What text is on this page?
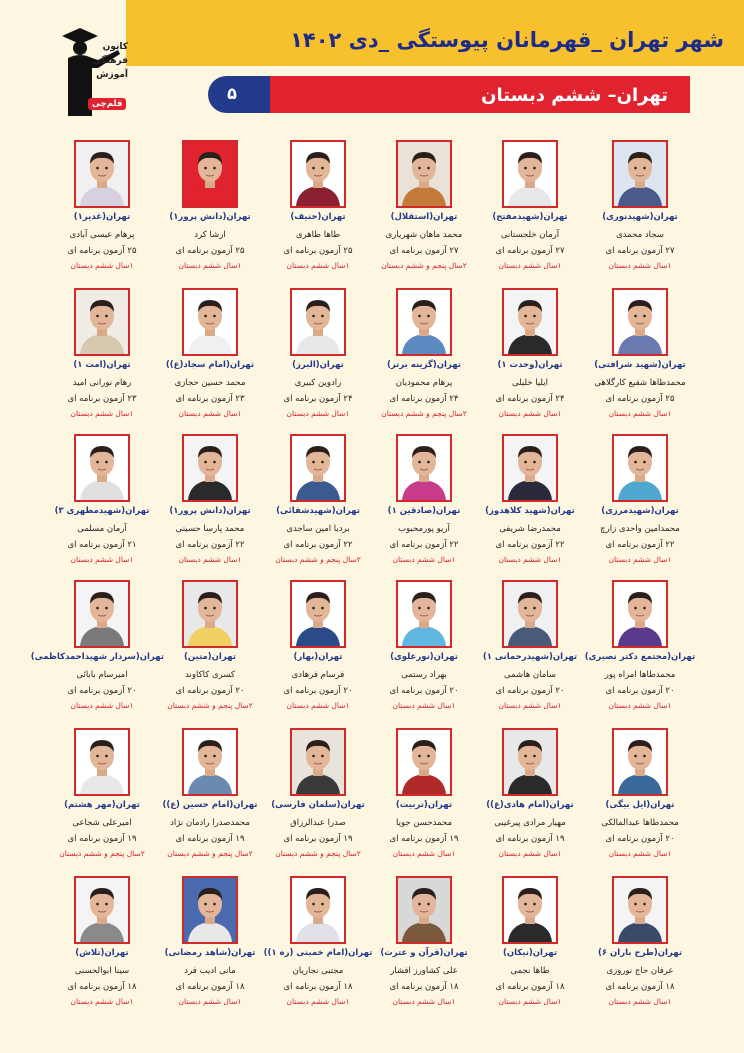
شهر تهران _قهرمانان پیوستگی _دی ۱۴۰۲
۵	تهران– ششم دبستان
کانون
فرهنگی
آموزش
قلم‌چی
تهران(شهیدنوری)
سجاد محمدی
۲۷ آزمون برنامه ای
۱سال ششم دبستان
تهران(شهیدمفتح)
آرمان خلجستانی
۲۷ آزمون برنامه ای
۱سال ششم دبستان
تهران(استقلال)
محمد ماهان شهریاری
۲۷ آزمون برنامه ای
۲سال پنجم و ششم دبستان
تهران(حنیف)
طاها طاهری
۲۵ آزمون برنامه ای
۱سال ششم دبستان
تهران(دانش پرور۱)
ارشا کرد
۲۵ آزمون برنامه ای
۱سال ششم دبستان
تهران(غدیر۱)
پرهام عیسی آبادی
۲۵ آزمون برنامه ای
۱سال ششم دبستان
تهران(شهید شرافتی)
محمدطاها شفیع کارگلاهی
۲۵ آزمون برنامه ای
۱سال ششم دبستان
تهران(وحدت ۱)
ایلیا خلیلی
۲۴ آزمون برنامه ای
۱سال ششم دبستان
تهران(گزینه برتر)
پرهام محمودیان
۲۴ آزمون برنامه ای
۲سال پنجم و ششم دبستان
تهران(البرز)
رادوین کبیری
۲۴ آزمون برنامه ای
۱سال ششم دبستان
تهران(امام سجاد(ع))
محمد حسین حجازی
۲۳ آزمون برنامه ای
۱سال ششم دبستان
تهران(امت ۱)
رهام نورانی امید
۲۳ آزمون برنامه ای
۱سال ششم دبستان
تهران(شهیدمرزی)
محمدامین واحدی زارچ
۲۲ آزمون برنامه ای
۱سال ششم دبستان
تهران(شهید کلاهدوز)
محمدرضا شریفی
۲۲ آزمون برنامه ای
۱سال ششم دبستان
تهران(صادقین ۱)
آریو پورمحبوب
۲۲ آزمون برنامه ای
۱سال ششم دبستان
تهران(شهیدشفائی)
بردیا امین ساجدی
۲۲ آزمون برنامه ای
۲سال پنجم و ششم دبستان
تهران(دانش پرور۱)
محمد پارسا حسینی
۲۲ آزمون برنامه ای
۱سال ششم دبستان
تهران(شهیدمطهری ۳)
آرمان مسلمی
۲۱ آزمون برنامه ای
۱سال ششم دبستان
تهران(مجتمع دکتر نصیری)
محمدطاها امراه پور
۲۰ آزمون برنامه ای
۱سال ششم دبستان
تهران(شهیدرحمانی ۱)
سامان هاشمی
۲۰ آزمون برنامه ای
۱سال ششم دبستان
تهران(نورعلوی)
بهراد رستمی
۲۰ آزمون برنامه ای
۱سال ششم دبستان
تهران(بهار)
فرسام فرهادی
۲۰ آزمون برنامه ای
۱سال ششم دبستان
تهران(متین)
کسری کاکاوند
۲۰ آزمون برنامه ای
۲سال پنجم و ششم دبستان
تهران(سردار شهیداحمدکاظمی)
امیرسام بابائی
۲۰ آزمون برنامه ای
۱سال ششم دبستان
تهران(ایل بیگی)
محمدطاها عبدالمالکی
۲۰ آزمون برنامه ای
۱سال ششم دبستان
تهران(امام هادی(ع))
مهیار مرادی پیرغیبی
۱۹ آزمون برنامه ای
۱سال ششم دبستان
تهران(تربیت)
محمدحسن جویا
۱۹ آزمون برنامه ای
۱سال ششم دبستان
تهران(سلمان فارسی)
صدرا عبدالرزاق
۱۹ آزمون برنامه ای
۲سال پنجم و ششم دبستان
تهران(امام حسین (ع))
محمدصدرا رادمان نژاد
۱۹ آزمون برنامه ای
۲سال پنجم و ششم دبستان
تهران(مهر هشتم)
امیرعلی شجاعی
۱۹ آزمون برنامه ای
۲سال پنجم و ششم دبستان
تهران(طرح باران ۶)
عرفان حاج نوروزی
۱۸ آزمون برنامه ای
۱سال ششم دبستان
تهران(نیکان)
طاها نجمی
۱۸ آزمون برنامه ای
۱سال ششم دبستان
تهران(قرآن و عترت)
علی کشاورز افشار
۱۸ آزمون برنامه ای
۱سال ششم دبستان
تهران(امام خمینی (ره ۱))
مجتبی نجاریان
۱۸ آزمون برنامه ای
۱سال ششم دبستان
تهران(شاهد رمضانی)
مانی ادیب فرد
۱۸ آزمون برنامه ای
۱سال ششم دبستان
تهران(تلاش)
سینا ابوالحسنی
۱۸ آزمون برنامه ای
۱سال ششم دبستان
